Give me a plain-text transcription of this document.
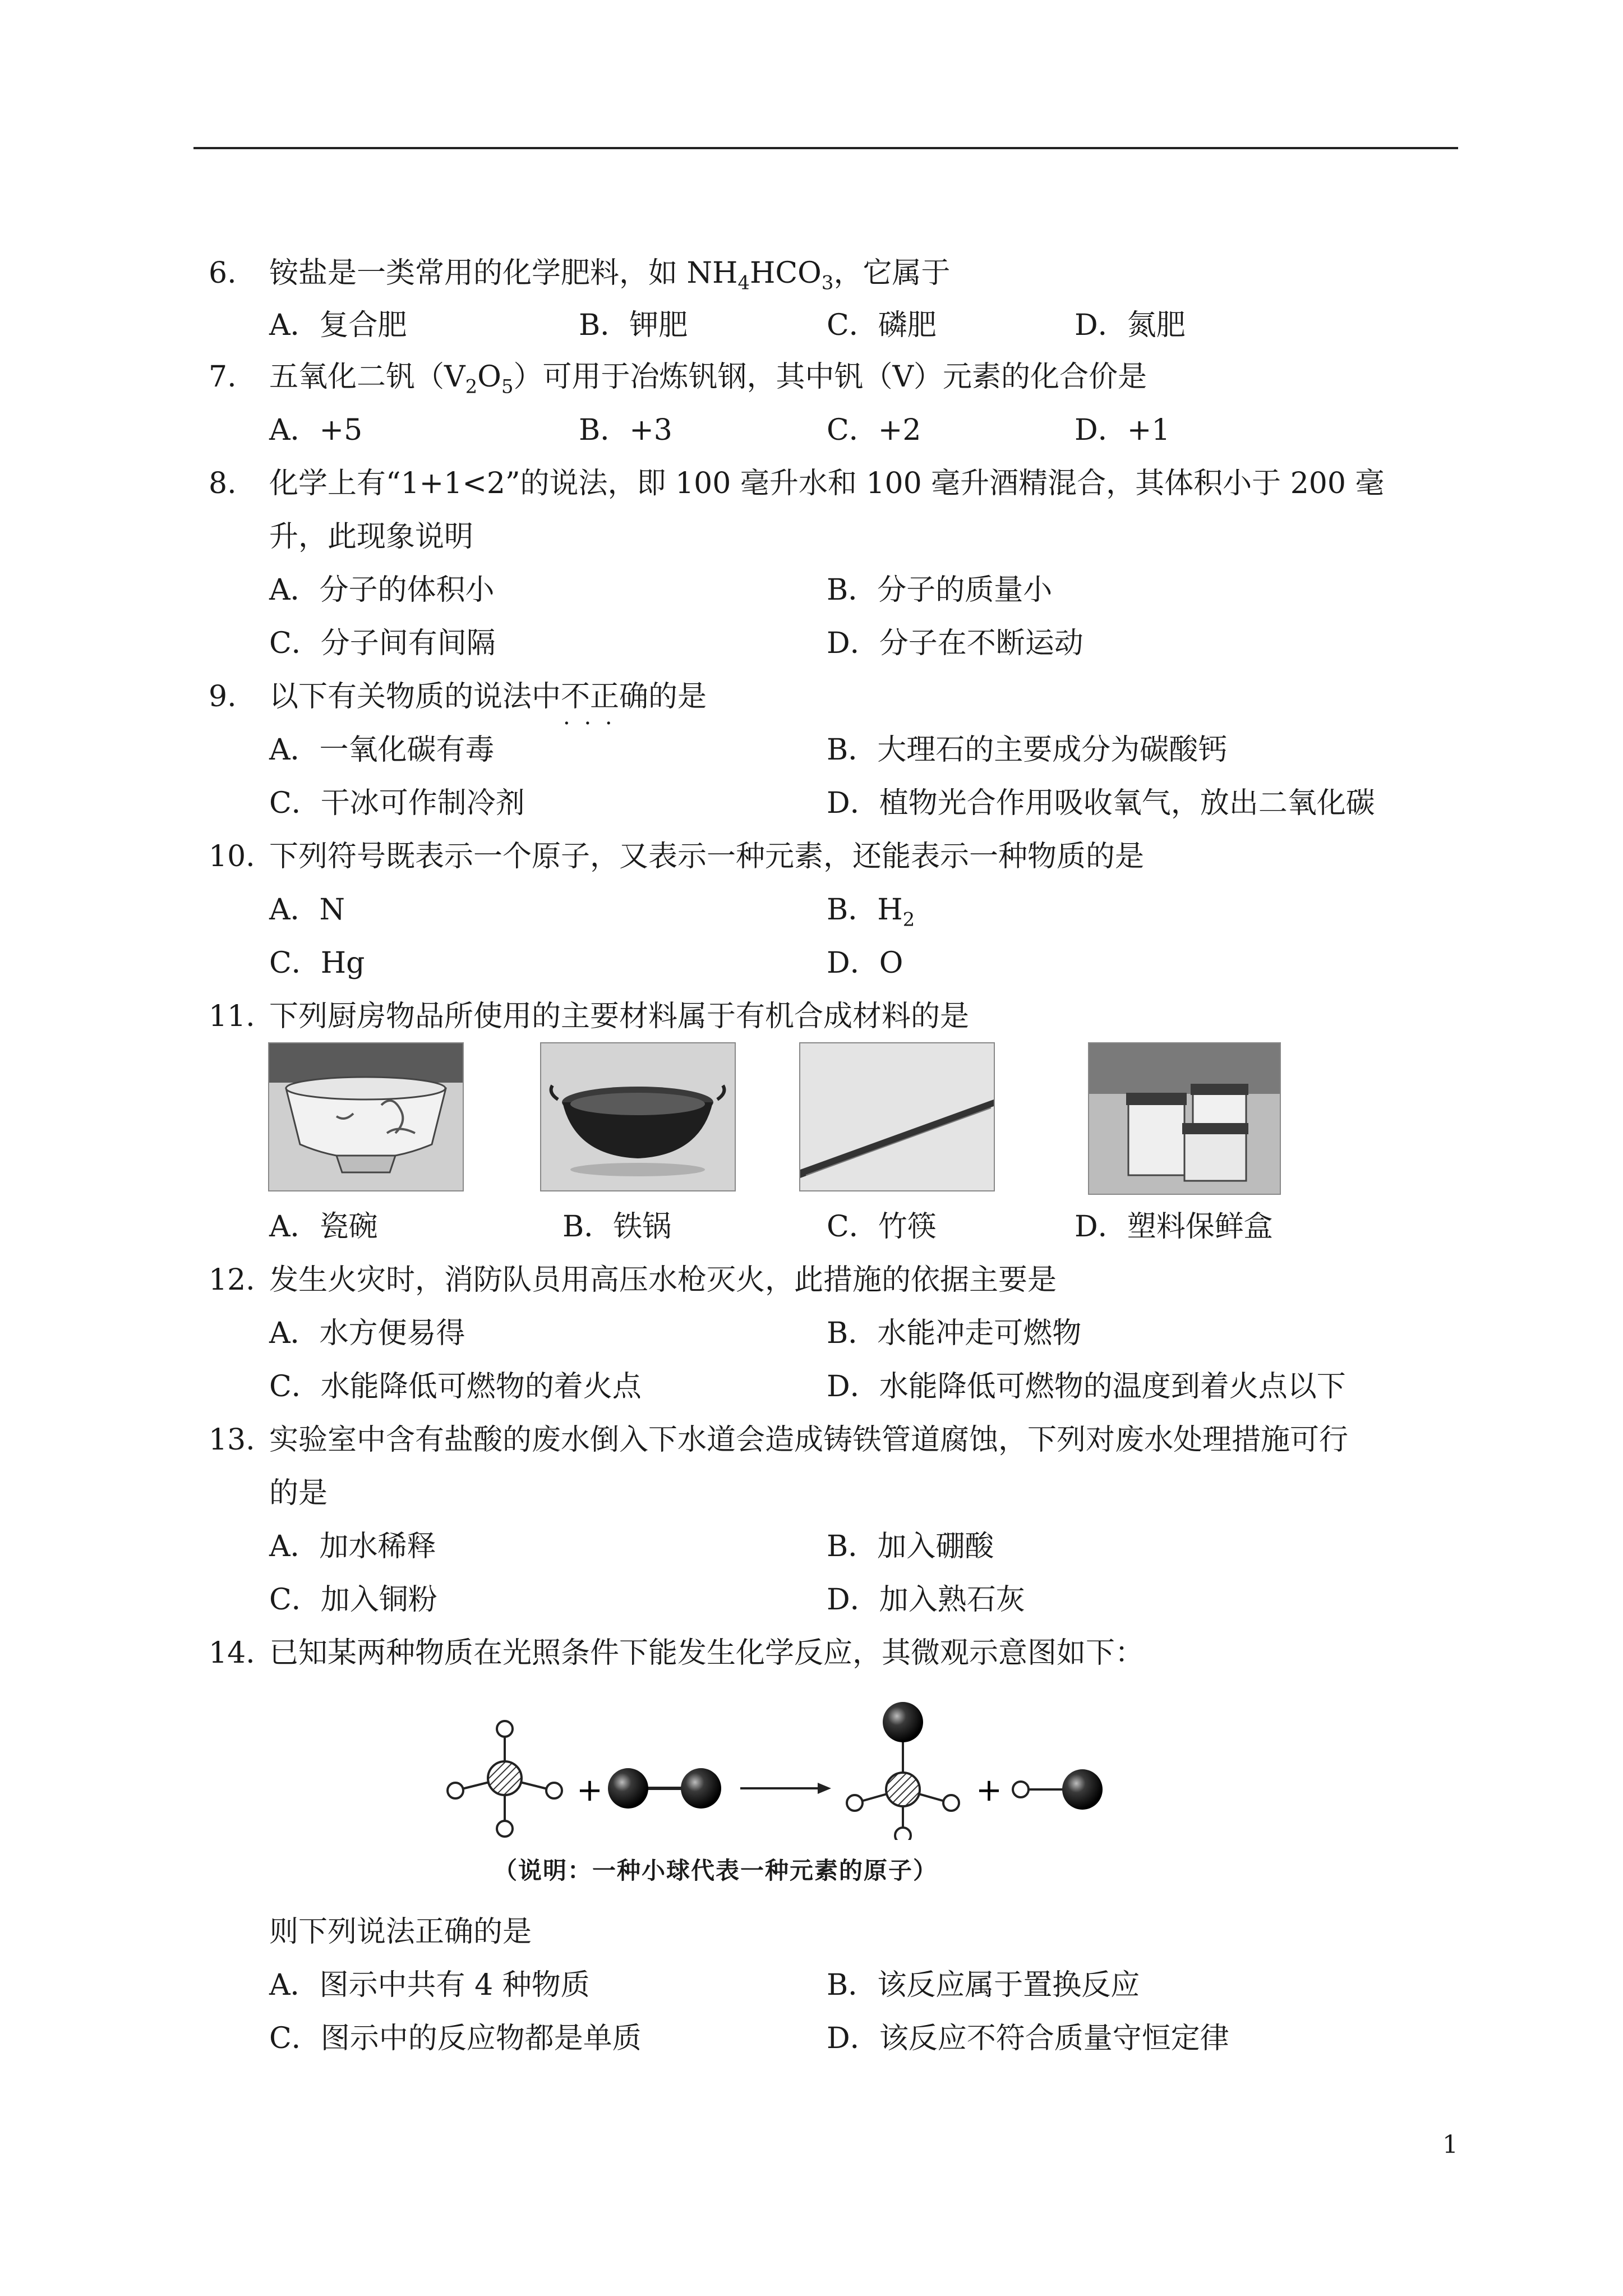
6. 铵盐是一类常用的化学肥料，如 $NH_4HCO_3$，它属于
A．复合肥	B．钾肥	C．磷肥	D．氮肥
7. 五氧化二钒$(V_2O_5)$可用于冶炼钒钢，其中钒（V）元素的化合价是
A．+5	B．+3	C．+2	D．+1
8. 化学上有“1+1<2”的说法，即 100 毫升水和 100 毫升酒精混合，其体积小于 200 毫
升，此现象说明
A．分子的体积小	B．分子的质量小
C．分子间有间隔	D．分子在不断运动
9. 以下有关物质的说法中不正确 · · ·的是
A．一氧化碳有毒	B．大理石的主要成分为碳酸钙
C．干冰可作制冷剂	D．植物光合作用吸收氧气，放出二氧化碳
10. 下列符号既表示一个原子，又表示一种元素，还能表示一种物质的是
A．N	B．$H_2$
C．Hg	D．O
11. 下列厨房物品所使用的主要材料属于有机合成材料的是
A．瓷碗	B．铁锅	C．竹筷	D．塑料保鲜盒
12. 发生火灾时，消防队员用高压水枪灭火，此措施的依据主要是
A．水方便易得	B．水能冲走可燃物
C．水能降低可燃物的着火点	D．水能降低可燃物的温度到着火点以下
13. 实验室中含有盐酸的废水倒入下水道会造成铸铁管道腐蚀，下列对废水处理措施可行
的是
A．加水稀释	B．加入硼酸
C．加入铜粉	D．加入熟石灰
14. 已知某两种物质在光照条件下能发生化学反应，其微观示意图如下：
+	+
（说明：一种小球代表一种元素的原子）
则下列说法正确的是
A．图示中共有 4 种物质	B．该反应属于置换反应
C．图示中的反应物都是单质	D．该反应不符合质量守恒定律
1
